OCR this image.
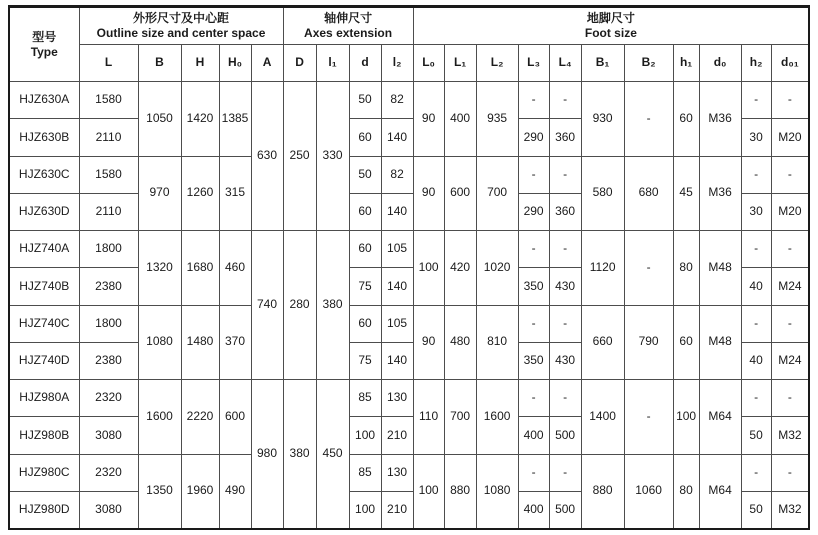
型号
Type

外形尺寸及中心距
Outline size and center space

轴伸尺寸
Axes extension

地脚尺寸
Foot size

	L	B	H	H₀	A	D	l₁	d	l₂	L₀	L₁	L₂	L₃	L₄	B₁	B₂	h₁	d₀	h₂	d₀₁
HJZ630A	1580	1050	1420	1385	630	250	330	50	82	90	400	935	-	-	930	-	60	M36	-	-
HJZ630B	2110							60	140				290	360					30	M20
HJZ630C	1580	970	1260	315				50	82	90	600	700	-	-	580	680	45	M36	-	-
HJZ630D	2110							60	140				290	360					30	M20
HJZ740A	1800	1320	1680	460	740	280	380	60	105	100	420	1020	-	-	1120	-	80	M48	-	-
HJZ740B	2380							75	140				350	430					40	M24
HJZ740C	1800	1080	1480	370				60	105	90	480	810	-	-	660	790	60	M48	-	-
HJZ740D	2380							75	140				350	430					40	M24
HJZ980A	2320	1600	2220	600	980	380	450	85	130	110	700	1600	-	-	1400	-	100	M64	-	-
HJZ980B	3080							100	210				400	500					50	M32
HJZ980C	2320	1350	1960	490				85	130	100	880	1080	-	-	880	1060	80	M64	-	-
HJZ980D	3080							100	210				400	500					50	M32
